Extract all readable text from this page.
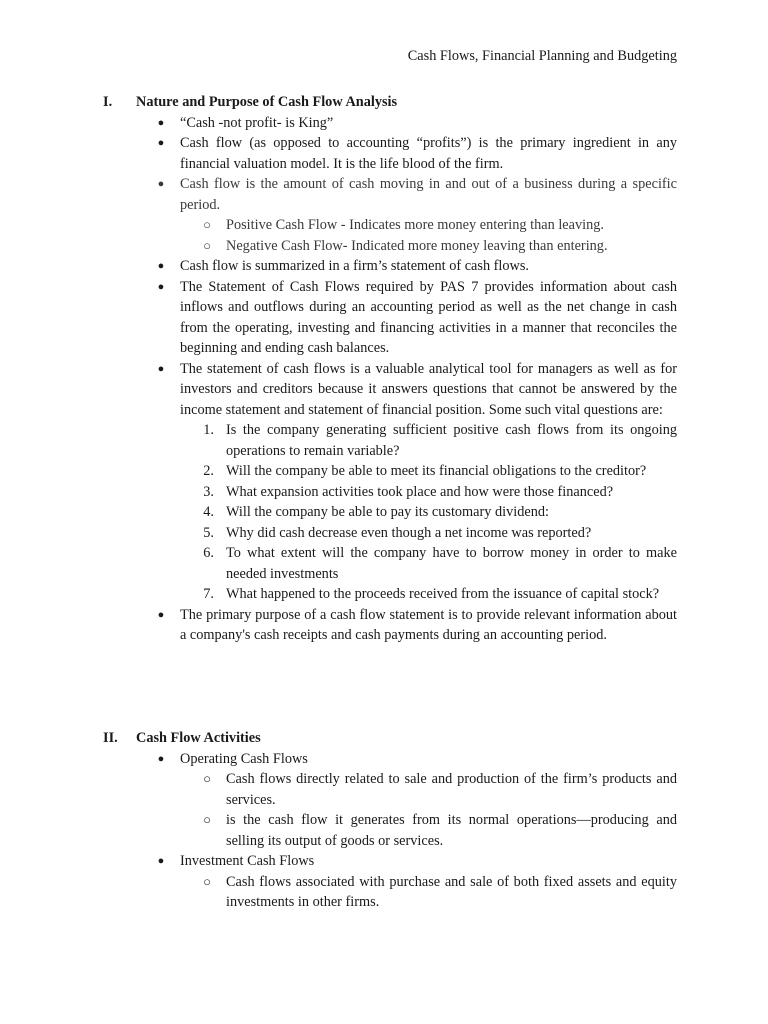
Cash Flows, Financial Planning and Budgeting
I. Nature and Purpose of Cash Flow Analysis
● “Cash -not profit- is King”
● Cash flow (as opposed to accounting “profits”) is the primary ingredient in any financial valuation model. It is the life blood of the firm.
● Cash flow is the amount of cash moving in and out of a business during a specific period.
○ Positive Cash Flow - Indicates more money entering than leaving.
○ Negative Cash Flow- Indicated more money leaving than entering.
● Cash flow is summarized in a firm’s statement of cash flows.
● The Statement of Cash Flows required by PAS 7 provides information about cash inflows and outflows during an accounting period as well as the net change in cash from the operating, investing and financing activities in a manner that reconciles the beginning and ending cash balances.
● The statement of cash flows is a valuable analytical tool for managers as well as for investors and creditors because it answers questions that cannot be answered by the income statement and statement of financial position. Some such vital questions are:
1. Is the company generating sufficient positive cash flows from its ongoing operations to remain variable?
2. Will the company be able to meet its financial obligations to the creditor?
3. What expansion activities took place and how were those financed?
4. Will the company be able to pay its customary dividend:
5. Why did cash decrease even though a net income was reported?
6. To what extent will the company have to borrow money in order to make needed investments
7. What happened to the proceeds received from the issuance of capital stock?
● The primary purpose of a cash flow statement is to provide relevant information about a company's cash receipts and cash payments during an accounting period.
II. Cash Flow Activities
● Operating Cash Flows
○ Cash flows directly related to sale and production of the firm’s products and services.
○ is the cash flow it generates from its normal operations—producing and selling its output of goods or services.
● Investment Cash Flows
○ Cash flows associated with purchase and sale of both fixed assets and equity investments in other firms.
